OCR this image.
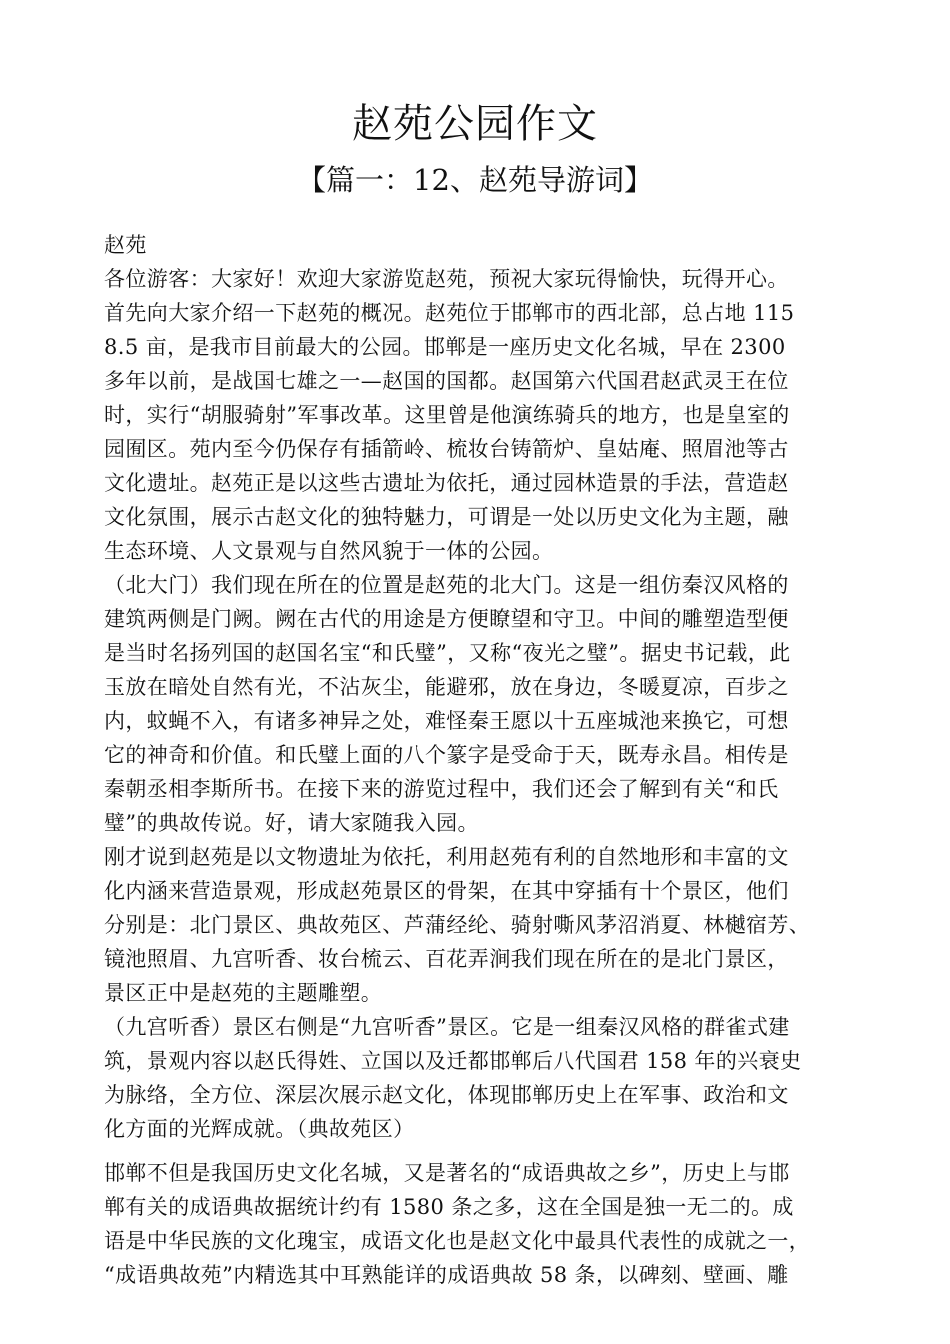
赵苑公园作文
【篇一：12、赵苑导游词】
赵苑
各位游客：大家好！欢迎大家游览赵苑，预祝大家玩得愉快，玩得开心。
首先向大家介绍一下赵苑的概况。赵苑位于邯郸市的西北部，总占地 115
8.5 亩，是我市目前最大的公园。邯郸是一座历史文化名城，早在 2300
多年以前，是战国七雄之一—赵国的国都。赵国第六代国君赵武灵王在位
时，实行“胡服骑射”军事改革。这里曾是他演练骑兵的地方，也是皇室的
园囿区。苑内至今仍保存有插箭岭、梳妆台铸箭炉、皇姑庵、照眉池等古
文化遗址。赵苑正是以这些古遗址为依托，通过园林造景的手法，营造赵
文化氛围，展示古赵文化的独特魅力，可谓是一处以历史文化为主题，融
生态环境、人文景观与自然风貌于一体的公园。
（北大门）我们现在所在的位置是赵苑的北大门。这是一组仿秦汉风格的
建筑两侧是门阙。阙在古代的用途是方便瞭望和守卫。中间的雕塑造型便
是当时名扬列国的赵国名宝“和氏璧”，又称“夜光之璧”。据史书记载，此
玉放在暗处自然有光，不沾灰尘，能避邪，放在身边，冬暖夏凉，百步之
内，蚊蝇不入，有诸多神异之处，难怪秦王愿以十五座城池来换它，可想
它的神奇和价值。和氏璧上面的八个篆字是受命于天，既寿永昌。相传是
秦朝丞相李斯所书。在接下来的游览过程中，我们还会了解到有关“和氏
璧”的典故传说。好，请大家随我入园。
刚才说到赵苑是以文物遗址为依托，利用赵苑有利的自然地形和丰富的文
化内涵来营造景观，形成赵苑景区的骨架，在其中穿插有十个景区，他们
分别是：北门景区、典故苑区、芦蒲经纶、骑射嘶风茅沼消夏、林樾宿芳、
镜池照眉、九宫听香、妆台梳云、百花弄涧我们现在所在的是北门景区，
景区正中是赵苑的主题雕塑。
（九宫听香）景区右侧是“九宫听香”景区。它是一组秦汉风格的群雀式建
筑，景观内容以赵氏得姓、立国以及迁都邯郸后八代国君 158 年的兴衰史
为脉络，全方位、深层次展示赵文化，体现邯郸历史上在军事、政治和文
化方面的光辉成就。（典故苑区）
邯郸不但是我国历史文化名城，又是著名的“成语典故之乡”，历史上与邯
郸有关的成语典故据统计约有 1580 条之多，这在全国是独一无二的。成
语是中华民族的文化瑰宝，成语文化也是赵文化中最具代表性的成就之一，
“成语典故苑”内精选其中耳熟能详的成语典故 58 条，以碑刻、壁画、雕
